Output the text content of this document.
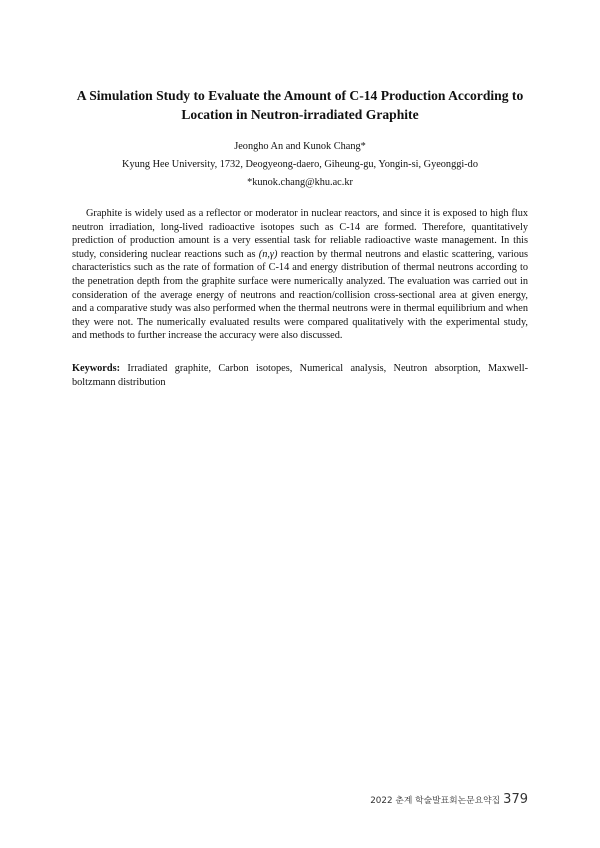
A Simulation Study to Evaluate the Amount of C-14 Production According to
Location in Neutron-irradiated Graphite
Jeongho An and Kunok Chang*
Kyung Hee University, 1732, Deogyeong-daero, Giheung-gu, Yongin-si, Gyeonggi-do
*kunok.chang@khu.ac.kr

Graphite is widely used as a reflector or moderator in nuclear reactors, and since it is exposed to high flux neutron irradiation, long-lived radioactive isotopes such as C-14 are formed. Therefore, quantitatively prediction of production amount is a very essential task for reliable radioactive waste management. In this study, considering nuclear reactions such as (n,γ) reaction by thermal neutrons and elastic scattering, various characteristics such as the rate of formation of C-14 and energy distribution of thermal neutrons according to the penetration depth from the graphite surface were numerically analyzed. The evaluation was carried out in consideration of the average energy of neutrons and reaction/collision cross-sectional area at given energy, and a comparative study was also performed when the thermal neutrons were in thermal equilibrium and when they were not. The numerically evaluated results were compared qualitatively with the experimental study, and methods to further increase the accuracy were also discussed.

Keywords: Irradiated graphite, Carbon isotopes, Numerical analysis, Neutron absorption, Maxwell-boltzmann distribution

2022 춘계 학술발표회논문요약집 379
